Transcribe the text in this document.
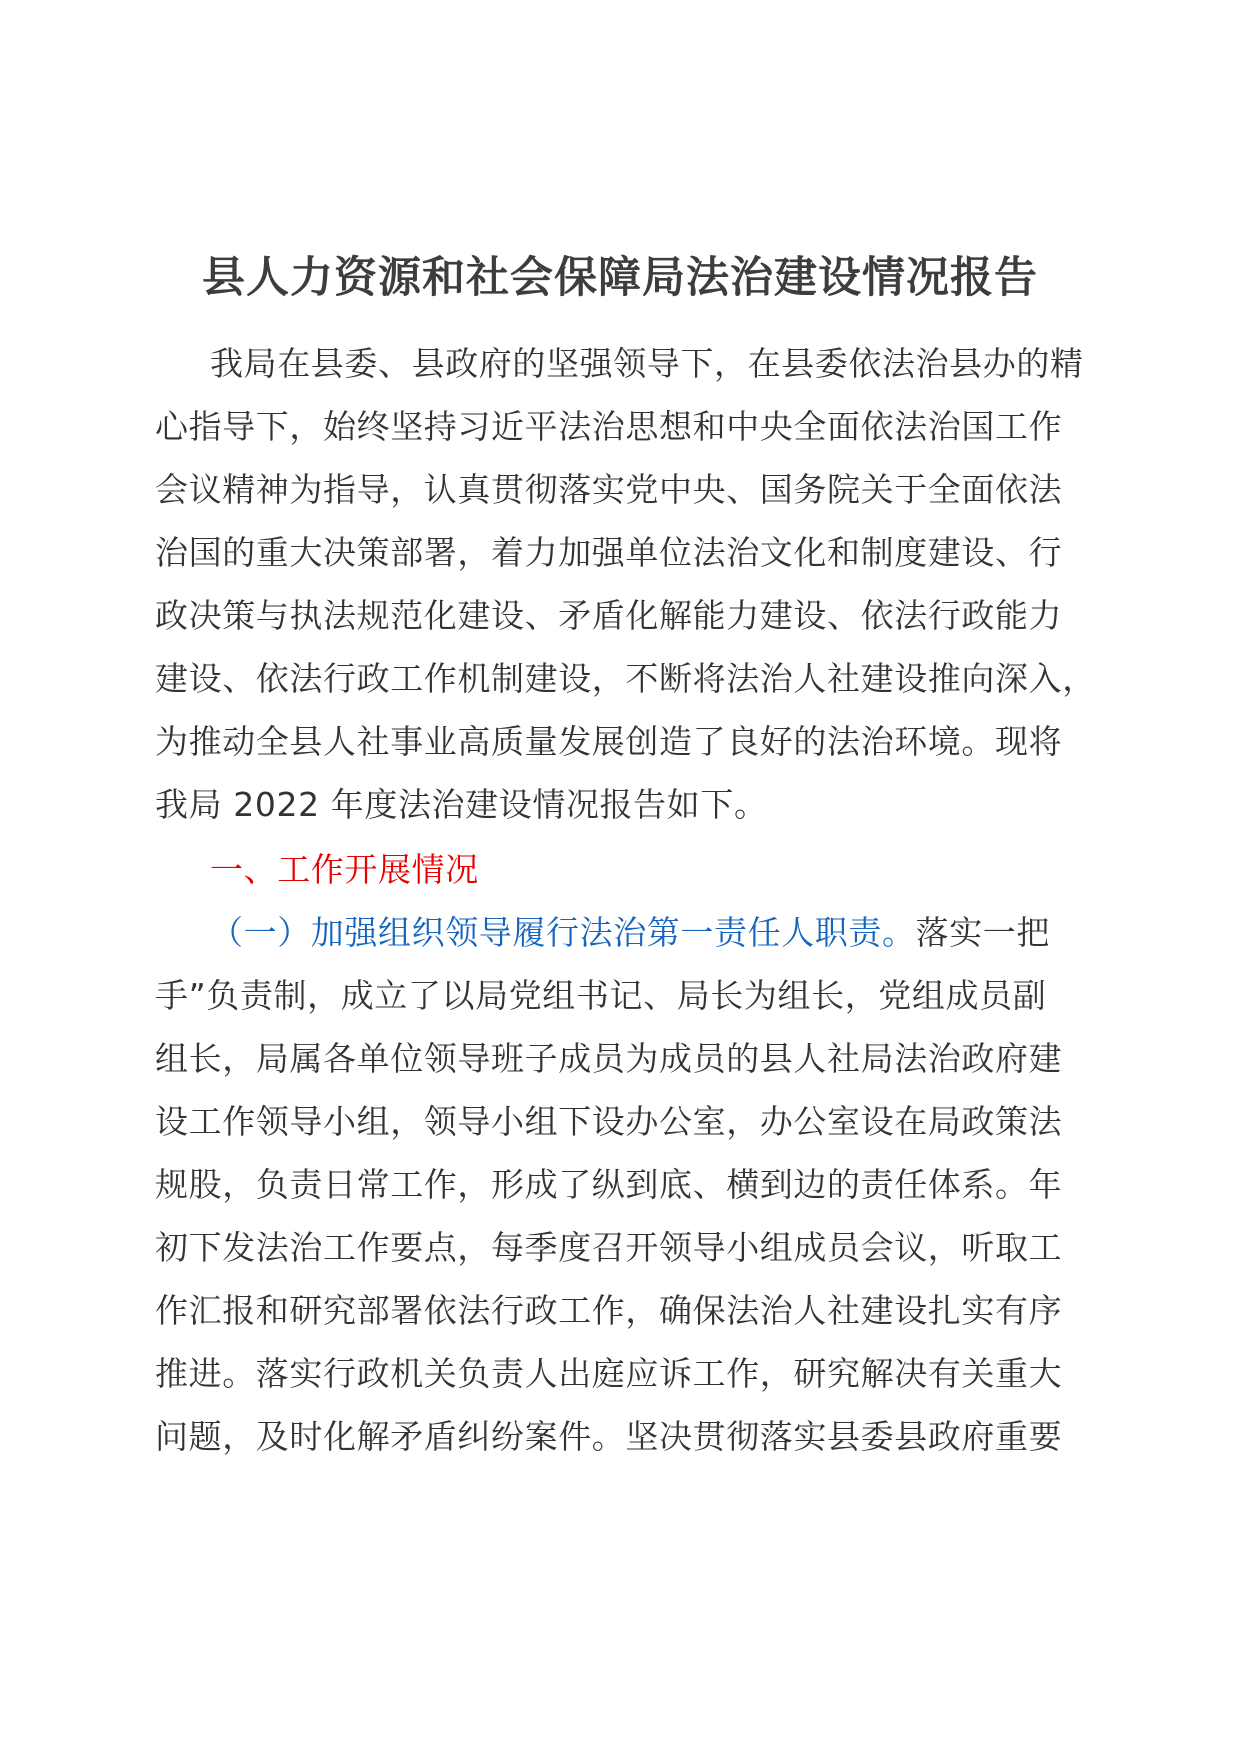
县人力资源和社会保障局法治建设情况报告

我局在县委、县政府的坚强领导下，在县委依法治县办的精

心指导下，始终坚持习近平法治思想和中央全面依法治国工作

会议精神为指导，认真贯彻落实党中央、国务院关于全面依法

治国的重大决策部署，着力加强单位法治文化和制度建设、行

政决策与执法规范化建设、矛盾化解能力建设、依法行政能力

建设、依法行政工作机制建设，不断将法治人社建设推向深入，

为推动全县人社事业高质量发展创造了良好的法治环境。现将

我局 2022 年度法治建设情况报告如下。

一、工作开展情况

（一）加强组织领导履行法治第一责任人职责。落实一把

手”负责制，成立了以局党组书记、局长为组长，党组成员副

组长，局属各单位领导班子成员为成员的县人社局法治政府建

设工作领导小组，领导小组下设办公室，办公室设在局政策法

规股，负责日常工作，形成了纵到底、横到边的责任体系。年

初下发法治工作要点，每季度召开领导小组成员会议，听取工

作汇报和研究部署依法行政工作，确保法治人社建设扎实有序

推进。落实行政机关负责人出庭应诉工作，研究解决有关重大

问题，及时化解矛盾纠纷案件。坚决贯彻落实县委县政府重要
